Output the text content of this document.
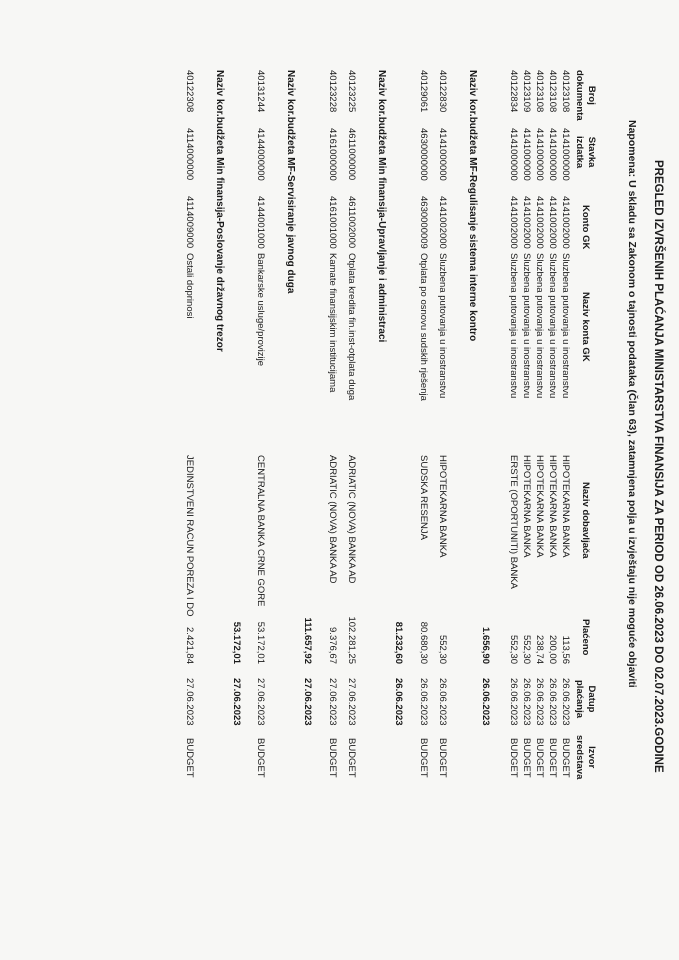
PREGLED IZVRŠENIH PLAĆANJA MINISTARSTVA FINANSIJA ZA PERIOD OD 26.06.2023 DO 02.07.2023.GODINE
Napomena: U skladu sa Zakonom o tajnosti podataka (Član 63), zatamnjena polja u izvještaju nije moguće objaviti
Broj
dokumenta
Stavka
izdatka
Konto GK
Naziv konta GK
Naziv dobavljača
Plaćeno
Datup
plaćanja
Izvor
sredstava
40123108
4141000000
4141002000
Sluzbena putovanja u inostranstvu
HIPOTEKARNA BANKA
113,56
26.06.2023
BUDGET
40123108
4141000000
4141002000
Sluzbena putovanja u inostranstvu
HIPOTEKARNA BANKA
200,00
26.06.2023
BUDGET
40123108
4141000000
4141002000
Sluzbena putovanja u inostranstvu
HIPOTEKARNA BANKA
238,74
26.06.2023
BUDGET
40123109
4141000000
4141002000
Sluzbena putovanja u inostranstvu
HIPOTEKARNA BANKA
552,30
26.06.2023
BUDGET
40122834
4141000000
4141002000
Sluzbena putovanja u inostranstvu
ERSTE (OPORTUNITI) BANKA
552,30
26.06.2023
BUDGET
1.656,90
26.06.2023
Naziv kor.budžeta MF-Regulisanje sistema interne kontro
40122830
4141000000
4141002000
Sluzbena putovanja u inostranstvu
HIPOTEKARNA BANKA
552,30
26.06.2023
BUDGET
40129061
4630000000
4630000009
Otplata po osnovu sudskih rješenja
SUDSKA RESENJA
80.680,30
26.06.2023
BUDGET
81.232,60
26.06.2023
Naziv kor.budžeta Min finansija-Upravljanje i administraci
40123225
4611000000
4611002000
Otplata kredita fin.inst-otplata duga
ADRIATIC (NOVA) BANKA AD
102.281,25
27.06.2023
BUDGET
40123228
4161000000
4161001000
Kamate finansijskim institucijama
ADRIATIC (NOVA) BANKA AD
9.376,67
27.06.2023
BUDGET
111.657,92
27.06.2023
Naziv kor.budžeta MF-Servisiranje javnog duga
40131244
4144000000
4144001000
Bankarske usluge/provizije
CENTRALNA BANKA CRNE GORE
53.172,01
27.06.2023
BUDGET
53.172,01
27.06.2023
Naziv kor.budžeta Min finansija-Poslovanje državnog trezor
40122308
4114000000
4114009000
Ostali doprinosi
JEDINSTVENI RACUN POREZA I DO
2.421,84
27.06.2023
BUDGET
